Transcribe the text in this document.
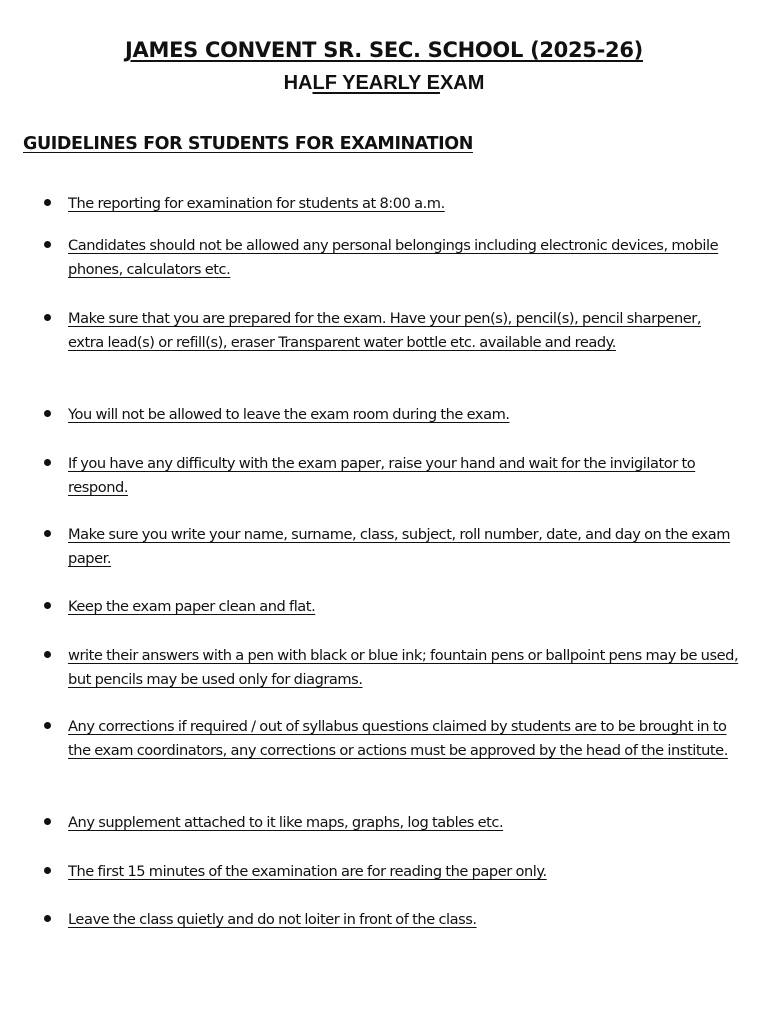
JAMES CONVENT SR. SEC. SCHOOL (2025-26)
HALF YEARLY EXAM
GUIDELINES FOR STUDENTS FOR EXAMINATION

The reporting for examination for students at 8:00 a.m.

Candidates should not be allowed any personal belongings including electronic devices, mobile phones, calculators etc.

Make sure that you are prepared for the exam. Have your pen(s), pencil(s), pencil sharpener, extra lead(s) or refill(s), eraser Transparent water bottle etc. available and ready.

You will not be allowed to leave the exam room during the exam.

If you have any difficulty with the exam paper, raise your hand and wait for the invigilator to respond.

Make sure you write your name, surname, class, subject, roll number, date, and day on the exam paper.

Keep the exam paper clean and flat.

write their answers with a pen with black or blue ink; fountain pens or ballpoint pens may be used, but pencils may be used only for diagrams.

Any corrections if required / out of syllabus questions claimed by students are to be brought in to the exam coordinators, any corrections or actions must be approved by the head of the institute.

Any supplement attached to it like maps, graphs, log tables etc.

The first 15 minutes of the examination are for reading the paper only.

Leave the class quietly and do not loiter in front of the class.
